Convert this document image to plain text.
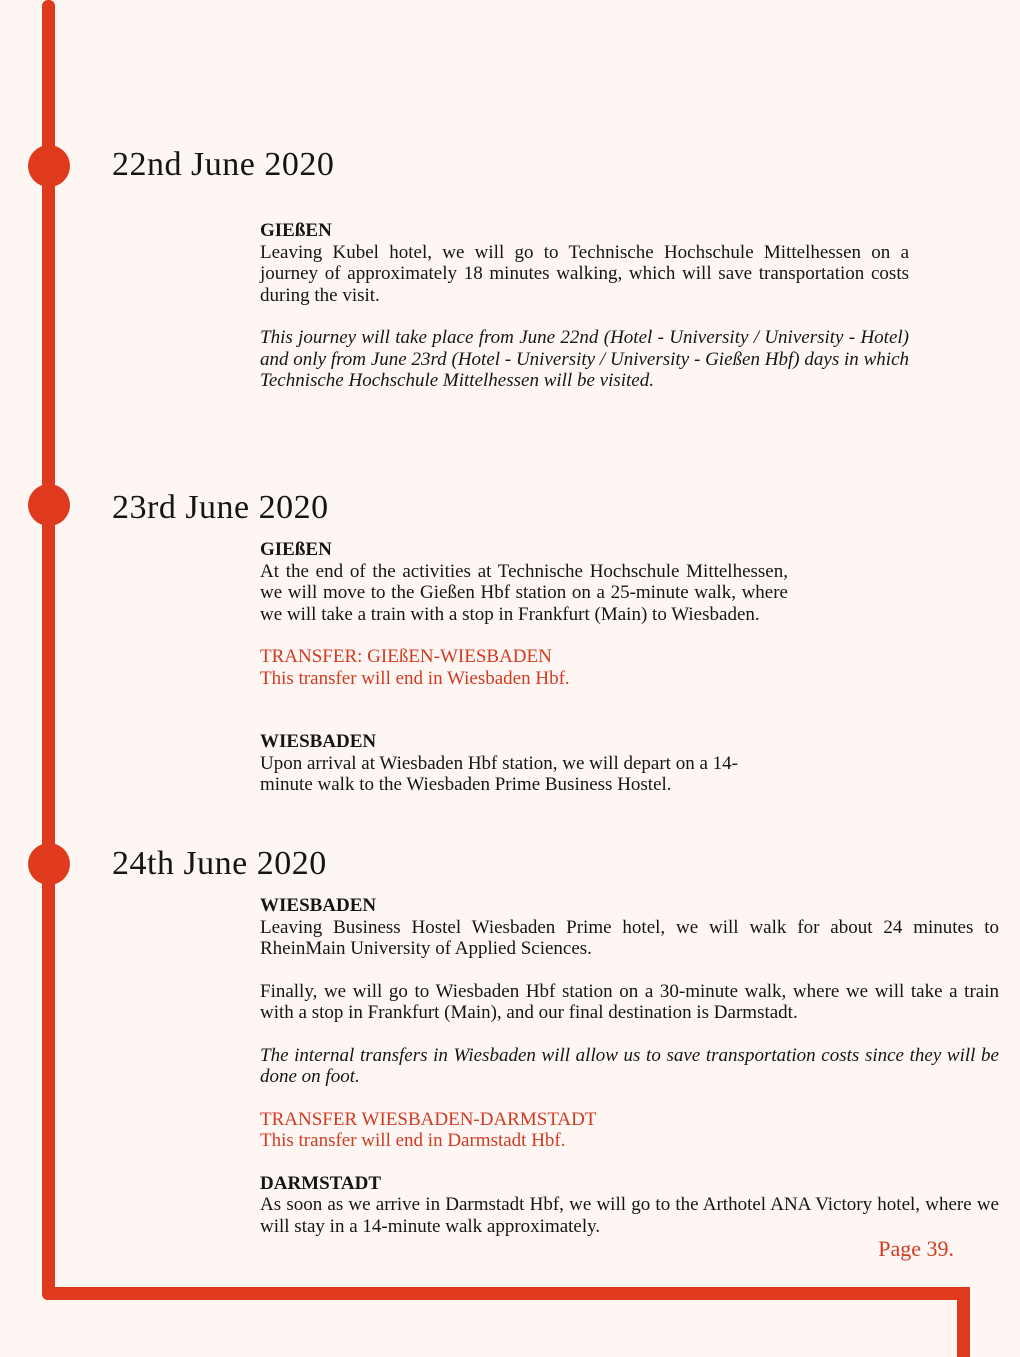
22nd June 2020
GIEßEN

Leaving Kubel hotel, we will go to Technische Hochschule Mittelhessen on a journey of approximately 18 minutes walking, which will save transportation costs during the visit.

This journey will take place from June 22nd (Hotel - University / University - Hotel) and only from June 23rd (Hotel - University / University - Gießen Hbf) days in which Technische Hochschule Mittelhessen will be visited.

23rd June 2020
GIEßEN

At the end of the activities at Technische Hochschule Mittelhessen, we will move to the Gießen Hbf station on a 25-minute walk, where we will take a train with a stop in Frankfurt (Main) to Wiesbaden.

TRANSFER: GIEßEN-WIESBADEN
This transfer will end in Wiesbaden Hbf.
WIESBADEN

Upon arrival at Wiesbaden Hbf station, we will depart on a 14-minute walk to the Wiesbaden Prime Business Hostel.

24th June 2020
WIESBADEN

Leaving Business Hostel Wiesbaden Prime hotel, we will walk for about 24 minutes to RheinMain University of Applied Sciences.

Finally, we will go to Wiesbaden Hbf station on a 30-minute walk, where we will take a train with a stop in Frankfurt (Main), and our final destination is Darmstadt.

The internal transfers in Wiesbaden will allow us to save transportation costs since they will be done on foot.

TRANSFER WIESBADEN-DARMSTADT
This transfer will end in Darmstadt Hbf.
DARMSTADT

As soon as we arrive in Darmstadt Hbf, we will go to the Arthotel ANA Victory hotel, where we will stay in a 14-minute walk approximately.

Page 39.
